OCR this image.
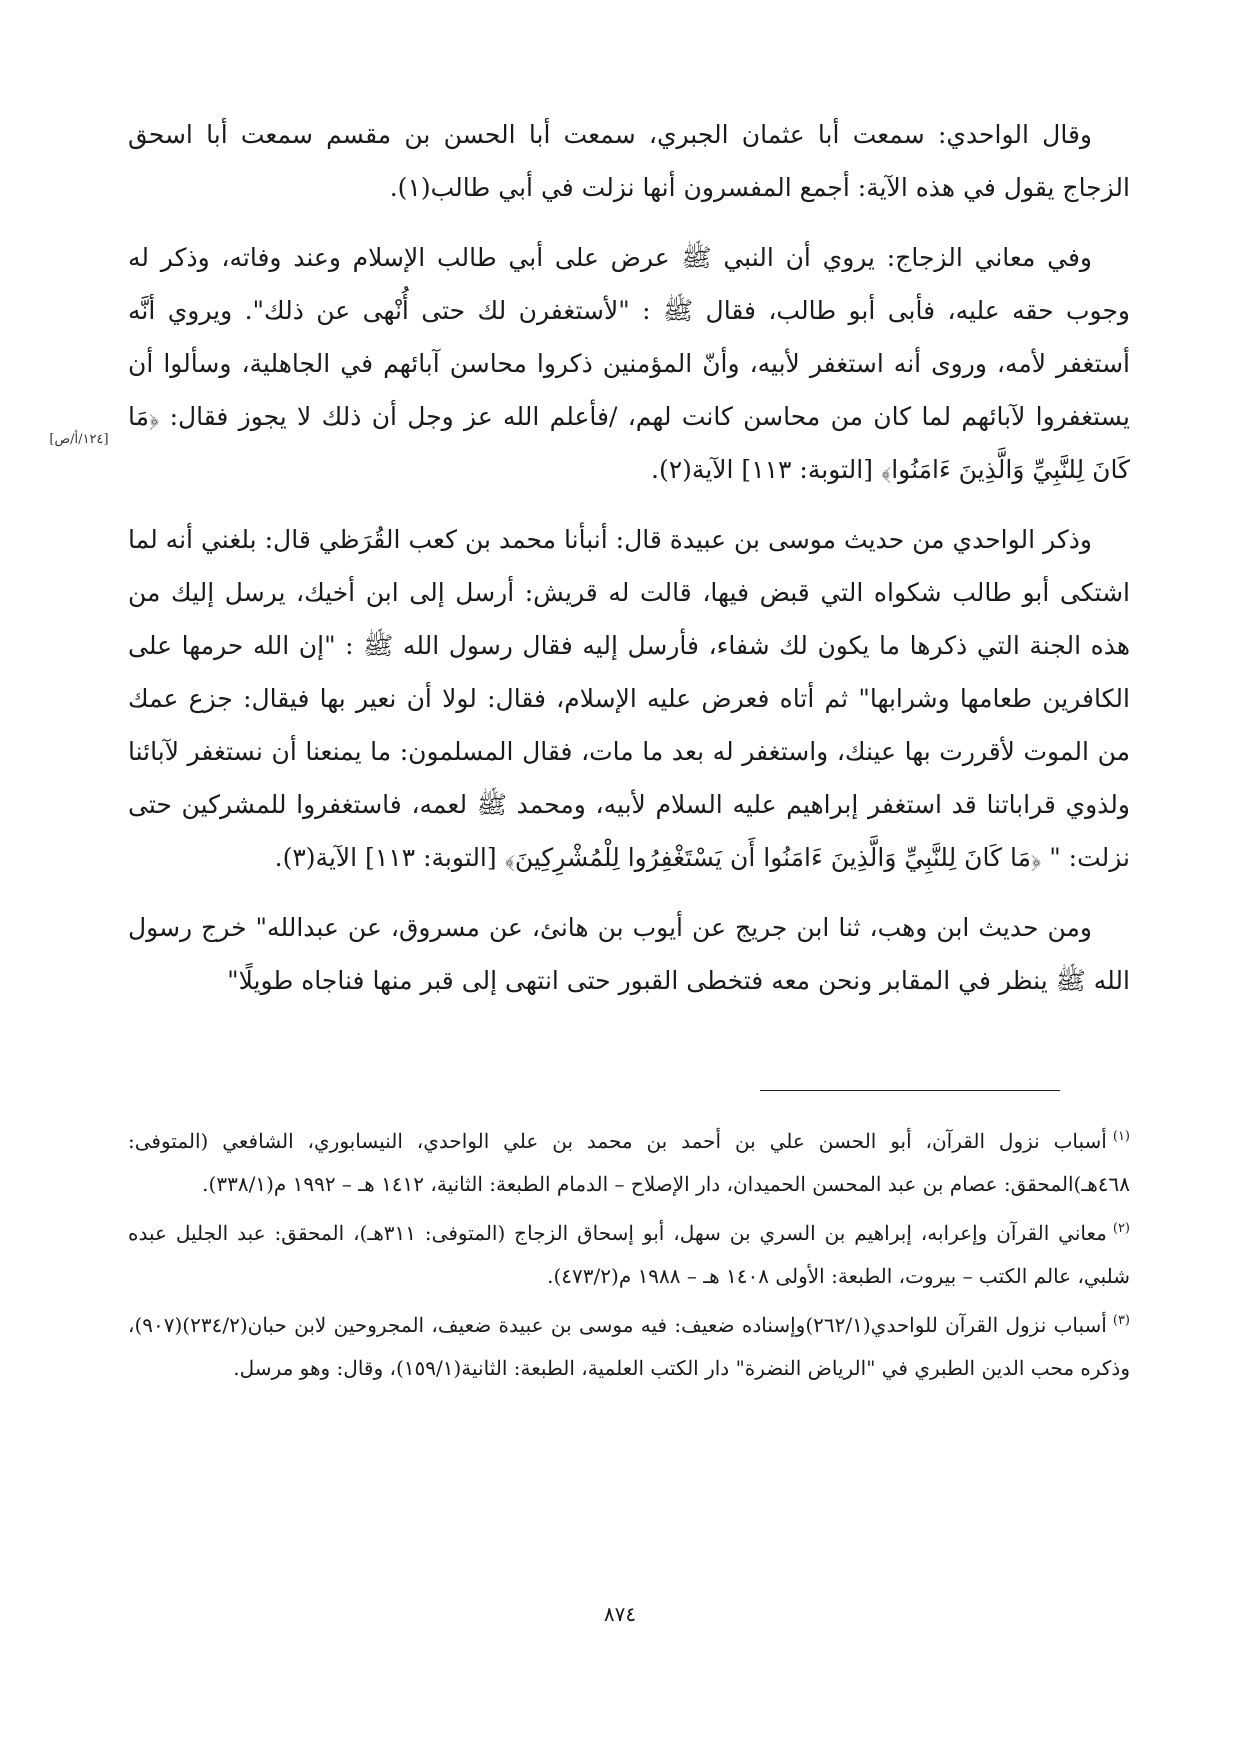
وقال الواحدي: سمعت أبا عثمان الجبري، سمعت أبا الحسن بن مقسم سمعت أبا اسحق الزجاج يقول في هذه الآية: أجمع المفسرون أنها نزلت في أبي طالب(١).

وفي معاني الزجاج: يروي أن النبي ﷺ عرض على أبي طالب الإسلام وعند وفاته، وذكر له وجوب حقه عليه، فأبى أبو طالب، فقال ﷺ : "لأستغفرن لك حتى أُنْهى عن ذلك". ويروي أنَّه أستغفر لأمه، وروى أنه استغفر لأبيه، وأنّ المؤمنين ذكروا محاسن آبائهم في الجاهلية، وسألوا أن يستغفروا لآبائهم لما كان من محاسن كانت لهم، /فأعلم الله عز وجل أن ذلك لا يجوز فقال: ﴿مَا كَانَ لِلنَّبِيِّ وَالَّذِينَ ءَامَنُوا﴾ [التوبة: ١١٣] الآية(٢).

وذكر الواحدي من حديث موسى بن عبيدة قال: أنبأنا محمد بن كعب القُرَظي قال: بلغني أنه لما اشتكى أبو طالب شكواه التي قبض فيها، قالت له قريش: أرسل إلى ابن أخيك، يرسل إليك من هذه الجنة التي ذكرها ما يكون لك شفاء، فأرسل إليه فقال رسول الله ﷺ : "إن الله حرمها على الكافرين طعامها وشرابها" ثم أتاه فعرض عليه الإسلام، فقال: لولا أن نعير بها فيقال: جزع عمك من الموت لأقررت بها عينك، واستغفر له بعد ما مات، فقال المسلمون: ما يمنعنا أن نستغفر لآبائنا ولذوي قراباتنا قد استغفر إبراهيم عليه السلام لأبيه، ومحمد ﷺ لعمه، فاستغفروا للمشركين حتى نزلت: " ﴿مَا كَانَ لِلنَّبِيِّ وَالَّذِينَ ءَامَنُوا أَن يَسْتَغْفِرُوا لِلْمُشْرِكِينَ﴾ [التوبة: ١١٣] الآية(٣).

ومن حديث ابن وهب، ثنا ابن جريج عن أيوب بن هانئ، عن مسروق، عن عبدالله" خرج رسول الله ﷺ ينظر في المقابر ونحن معه فتخطى القبور حتى انتهى إلى قبر منها فناجاه طويلًا"

[١٢٤/أ/ص]
$^{(١)}$أسباب نزول القرآن، أبو الحسن علي بن أحمد بن محمد بن علي الواحدي، النيسابوري، الشافعي (المتوفى: ٤٦٨هـ)المحقق: عصام بن عبد المحسن الحميدان، دار الإصلاح – الدمام الطبعة: الثانية، ١٤١٢ هـ – ١٩٩٢ م(٣٣٨/١).
$^{(٢)}$معاني القرآن وإعرابه، إبراهيم بن السري بن سهل، أبو إسحاق الزجاج (المتوفى: ٣١١هـ)، المحقق: عبد الجليل عبده شلبي، عالم الكتب – بيروت، الطبعة: الأولى ١٤٠٨ هـ – ١٩٨٨ م(٤٧٣/٢).
$^{(٣)}$أسباب نزول القرآن للواحدي(٢٦٢/١)وإسناده ضعيف: فيه موسى بن عبيدة ضعيف، المجروحين لابن حبان(٢٣٤/٢)(٩٠٧)، وذكره محب الدين الطبري في "الرياض النضرة" دار الكتب العلمية، الطبعة: الثانية(١٥٩/١)، وقال: وهو مرسل.
٨٧٤
